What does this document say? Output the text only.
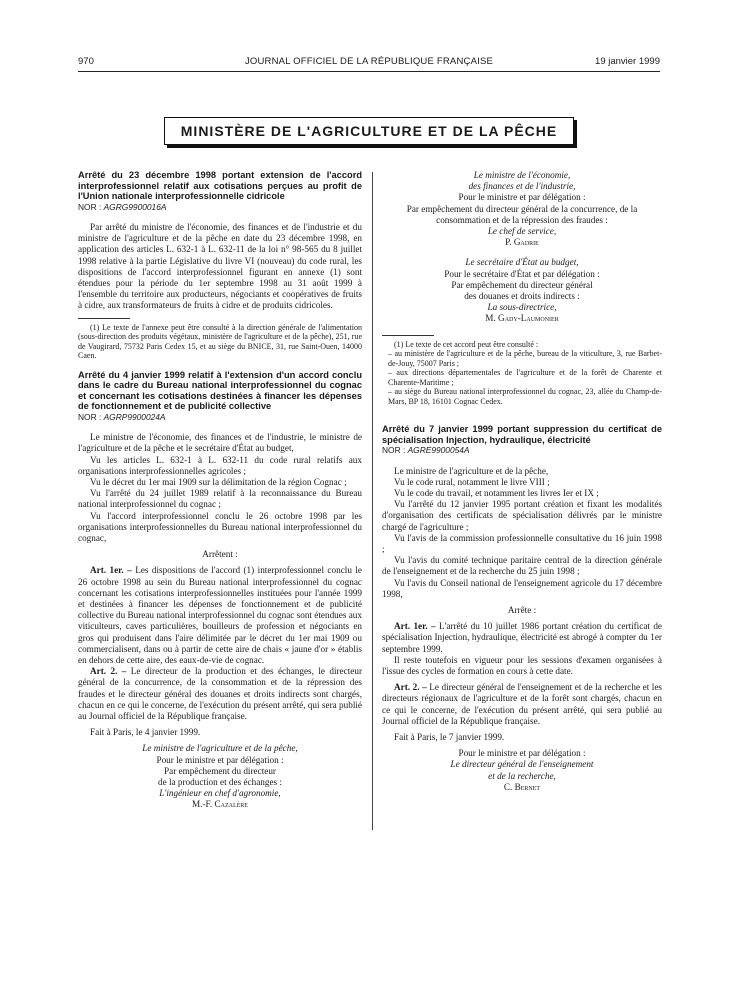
970	JOURNAL OFFICIEL DE LA RÉPUBLIQUE FRANÇAISE	19 janvier 1999
MINISTÈRE DE L'AGRICULTURE ET DE LA PÊCHE

Arrêté du 23 décembre 1998 portant extension de l'accord interprofessionnel relatif aux cotisations perçues au profit de l'Union nationale interprofessionnelle cidricole

NOR : AGRG9900016A

Par arrêté du ministre de l'économie, des finances et de l'industrie et du ministre de l'agriculture et de la pêche en date du 23 décembre 1998, en application des articles L. 632-1 à L. 632-11 de la loi n° 98-565 du 8 juillet 1998 relative à la partie Législative du livre VI (nouveau) du code rural, les dispositions de l'accord interprofessionnel figurant en annexe (1) sont étendues pour la période du 1er septembre 1998 au 31 août 1999 à l'ensemble du territoire aux producteurs, négociants et coopératives de fruits à cidre, aux transformateurs de fruits à cidre et de produits cidricoles.

(1) Le texte de l'annexe peut être consulté à la direction générale de l'alimentation (sous-direction des produits végétaux, ministère de l'agriculture et de la pêche), 251, rue de Vaugirard, 75732 Paris Cedex 15, et au siège du BNICE, 31, rue Saint-Ouen, 14000 Caen.

Arrêté du 4 janvier 1999 relatif à l'extension d'un accord conclu dans le cadre du Bureau national interprofessionnel du cognac et concernant les cotisations destinées à financer les dépenses de fonctionnement et de publicité collective

NOR : AGRP9900024A

Le ministre de l'économie, des finances et de l'industrie, le ministre de l'agriculture et de la pêche et le secrétaire d'État au budget,

Vu les articles L. 632-1 à L. 632-11 du code rural relatifs aux organisations interprofessionnelles agricoles ;

Vu le décret du 1er mai 1909 sur la délimitation de la région Cognac ;

Vu l'arrêté du 24 juillet 1989 relatif à la reconnaissance du Bureau national interprofessionnel du cognac ;

Vu l'accord interprofessionnel conclu le 26 octobre 1998 par les organisations interprofessionnelles du Bureau national interprofessionnel du cognac,

Arrêtent :

Art. 1er. – Les dispositions de l'accord (1) interprofessionnel conclu le 26 octobre 1998 au sein du Bureau national interprofessionnel du cognac concernant les cotisations interprofessionnelles instituées pour l'année 1999 et destinées à financer les dépenses de fonctionnement et de publicité collective du Bureau national interprofessionnel du cognac sont étendues aux viticulteurs, caves particulières, bouilleurs de profession et négociants en gros qui produisent dans l'aire délimitée par le décret du 1er mai 1909 ou commercialisent, dans ou à partir de cette aire de chais « jaune d'or » établis en dehors de cette aire, des eaux-de-vie de cognac.

Art. 2. – Le directeur de la production et des échanges, le directeur général de la concurrence, de la consommation et de la répression des fraudes et le directeur général des douanes et droits indirects sont chargés, chacun en ce qui le concerne, de l'exécution du présent arrêté, qui sera publié au Journal officiel de la République française.

Fait à Paris, le 4 janvier 1999.

Le ministre de l'agriculture et de la pêche,

Pour le ministre et par délégation :

Par empêchement du directeur

de la production et des échanges :

L'ingénieur en chef d'agronomie,

M.-F. Cazalère

Le ministre de l'économie,

des finances et de l'industrie,

Pour le ministre et par délégation :

Par empêchement du directeur général de la concurrence, de la consommation et de la répression des fraudes :

Le chef de service,

P. Gadrie

Le secrétaire d'État au budget,

Pour le secrétaire d'État et par délégation :

Par empêchement du directeur général

des douanes et droits indirects :

La sous-directrice,

M. Gady-Laumonier

(1) Le texte de cet accord peut être consulté :

– au ministère de l'agriculture et de la pêche, bureau de la viticulture, 3, rue Barbet-de-Jouy, 75007 Paris ;

– aux directions départementales de l'agriculture et de la forêt de Charente et Charente-Maritime ;

– au siège du Bureau national interprofessionnel du cognac, 23, allée du Champ-de-Mars, BP 18, 16101 Cognac Cedex.

Arrêté du 7 janvier 1999 portant suppression du certificat de spécialisation Injection, hydraulique, électricité

NOR : AGRE9900054A

Le ministre de l'agriculture et de la pêche,

Vu le code rural, notamment le livre VIII ;

Vu le code du travail, et notamment les livres Ier et IX ;

Vu l'arrêté du 12 janvier 1995 portant création et fixant les modalités d'organisation des certificats de spécialisation délivrés par le ministre chargé de l'agriculture ;

Vu l'avis de la commission professionnelle consultative du 16 juin 1998 ;

Vu l'avis du comité technique paritaire central de la direction générale de l'enseignement et de la recherche du 25 juin 1998 ;

Vu l'avis du Conseil national de l'enseignement agricole du 17 décembre 1998,

Arrête :

Art. 1er. – L'arrêté du 10 juillet 1986 portant création du certificat de spécialisation Injection, hydraulique, électricité est abrogé à compter du 1er septembre 1999.

Il reste toutefois en vigueur pour les sessions d'examen organisées à l'issue des cycles de formation en cours à cette date.

Art. 2. – Le directeur général de l'enseignement et de la recherche et les directeurs régionaux de l'agriculture et de la forêt sont chargés, chacun en ce qui le concerne, de l'exécution du présent arrêté, qui sera publié au Journal officiel de la République française.

Fait à Paris, le 7 janvier 1999.

Pour le ministre et par délégation :

Le directeur général de l'enseignement

et de la recherche,

C. Bernet
